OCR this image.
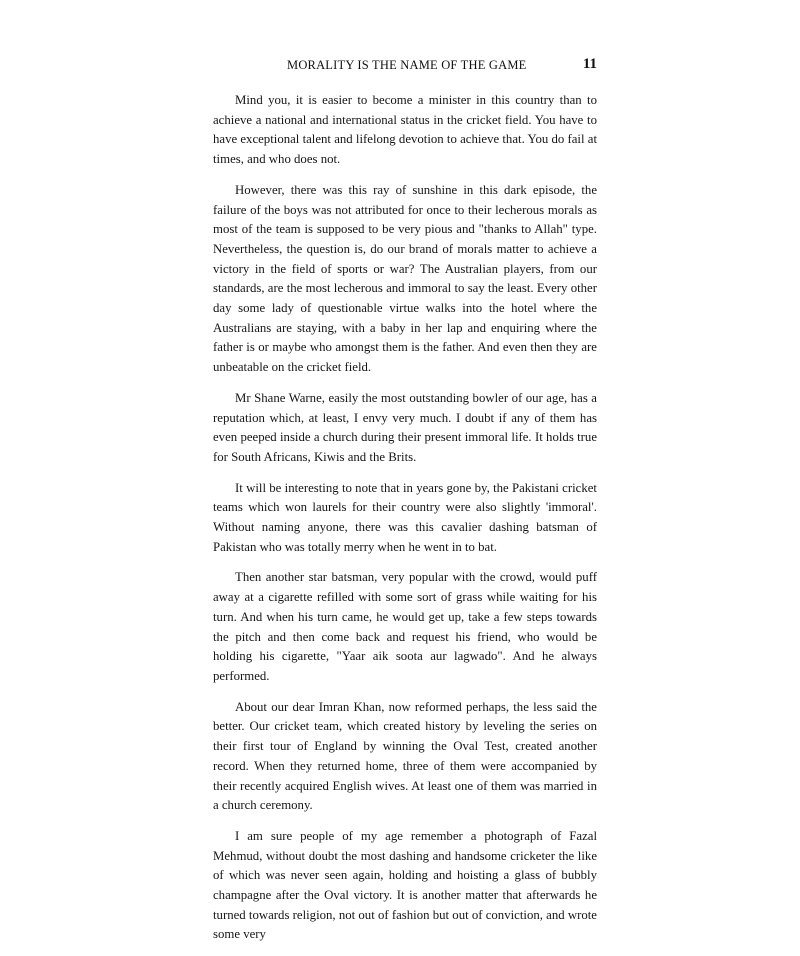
MORALITY IS THE NAME OF THE GAME	11

Mind you, it is easier to become a minister in this country than to achieve a national and international status in the cricket field. You have to have exceptional talent and lifelong devotion to achieve that. You do fail at times, and who does not.

However, there was this ray of sunshine in this dark episode, the failure of the boys was not attributed for once to their lecherous morals as most of the team is supposed to be very pious and "thanks to Allah" type. Nevertheless, the question is, do our brand of morals matter to achieve a victory in the field of sports or war? The Australian players, from our standards, are the most lecherous and immoral to say the least. Every other day some lady of questionable virtue walks into the hotel where the Australians are staying, with a baby in her lap and enquiring where the father is or maybe who amongst them is the father. And even then they are unbeatable on the cricket field.

Mr Shane Warne, easily the most outstanding bowler of our age, has a reputation which, at least, I envy very much. I doubt if any of them has even peeped inside a church during their present immoral life. It holds true for South Africans, Kiwis and the Brits.

It will be interesting to note that in years gone by, the Pakistani cricket teams which won laurels for their country were also slightly 'immoral'. Without naming anyone, there was this cavalier dashing batsman of Pakistan who was totally merry when he went in to bat.

Then another star batsman, very popular with the crowd, would puff away at a cigarette refilled with some sort of grass while waiting for his turn. And when his turn came, he would get up, take a few steps towards the pitch and then come back and request his friend, who would be holding his cigarette, "Yaar aik soota aur lagwado". And he always performed.

About our dear Imran Khan, now reformed perhaps, the less said the better. Our cricket team, which created history by leveling the series on their first tour of England by winning the Oval Test, created another record. When they returned home, three of them were accompanied by their recently acquired English wives. At least one of them was married in a church ceremony.

I am sure people of my age remember a photograph of Fazal Mehmud, without doubt the most dashing and handsome cricketer the like of which was never seen again, holding and hoisting a glass of bubbly champagne after the Oval victory. It is another matter that afterwards he turned towards religion, not out of fashion but out of conviction, and wrote some very
